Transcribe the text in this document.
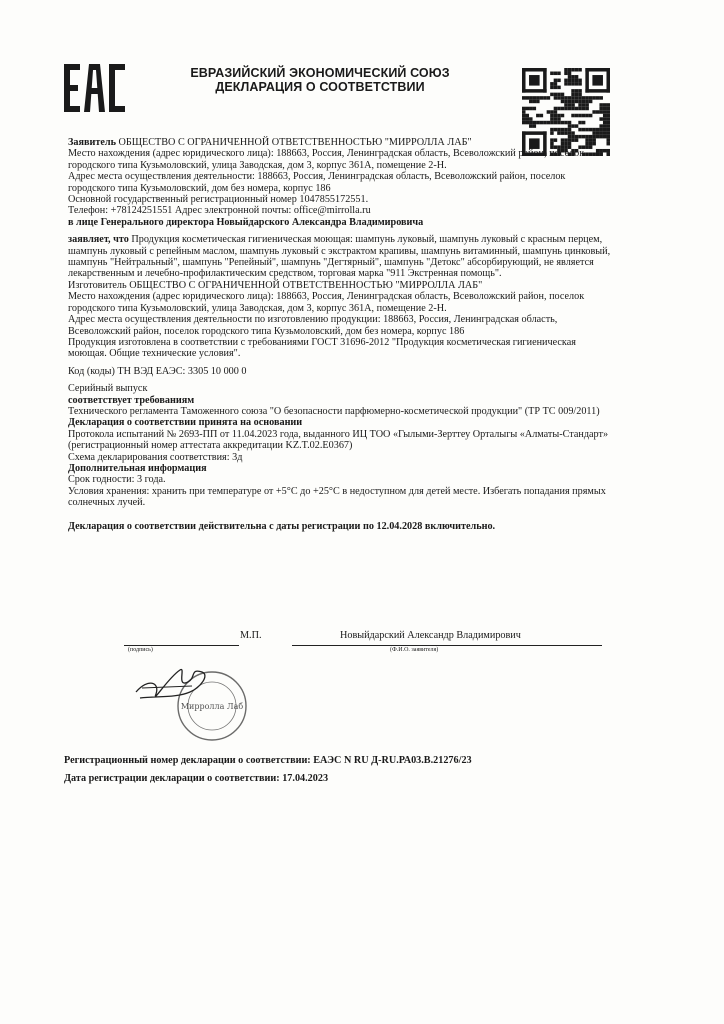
ЕВРАЗИЙСКИЙ ЭКОНОМИЧЕСКИЙ СОЮЗ
ДЕКЛАРАЦИЯ О СООТВЕТСТВИИ

Заявитель ОБЩЕСТВО С ОГРАНИЧЕННОЙ ОТВЕТСТВЕННОСТЬЮ "МИРРОЛЛА ЛАБ"

Место нахождения (адрес юридического лица): 188663, Россия, Ленинградская область, Всеволожский район, поселок городского типа Кузьмоловский, улица Заводская, дом 3, корпус 361А, помещение 2-Н.

Адрес места осуществления деятельности: 188663, Россия, Ленинградская область, Всеволожский район, поселок городского типа Кузьмоловский, дом без номера, корпус 186

Основной государственный регистрационный номер 1047855172551.

Телефон: +78124251551 Адрес электронной почты: office@mirrolla.ru

в лице Генерального директора Новыйдарского Александра Владимировича

заявляет, что Продукция косметическая гигиеническая моющая: шампунь луковый, шампунь луковый с красным перцем, шампунь луковый с репейным маслом, шампунь луковый с экстрактом крапивы, шампунь витаминный, шампунь цинковый, шампунь "Нейтральный", шампунь "Репейный", шампунь "Дегтярный", шампунь "Детокс" абсорбирующий, не является лекарственным и лечебно-профилактическим средством, торговая марка "911 Экстренная помощь".

Изготовитель ОБЩЕСТВО С ОГРАНИЧЕННОЙ ОТВЕТСТВЕННОСТЬЮ "МИРРОЛЛА ЛАБ"

Место нахождения (адрес юридического лица): 188663, Россия, Ленинградская область, Всеволожский район, поселок городского типа Кузьмоловский, улица Заводская, дом 3, корпус 361А, помещение 2-Н.

Адрес места осуществления деятельности по изготовлению продукции: 188663, Россия, Ленинградская область, Всеволожский район, поселок городского типа Кузьмоловский, дом без номера, корпус 186

Продукция изготовлена в соответствии с требованиями ГОСТ 31696-2012 "Продукция косметическая гигиеническая моющая. Общие технические условия".

Код (коды) ТН ВЭД ЕАЭС: 3305 10 000 0

Серийный выпуск

соответствует требованиям

Технического регламента Таможенного союза "О безопасности парфюмерно-косметической продукции" (ТР ТС 009/2011)

Декларация о соответствии принята на основании

Протокола испытаний № 2693-ПП от 11.04.2023 года, выданного ИЦ ТОО «Гылыми-Зерттеу Орталыгы «Алматы-Стандарт» (регистрационный номер аттестата аккредитации KZ.T.02.E0367)

Схема декларирования соответствия: 3д

Дополнительная информация

Срок годности: 3 года.

Условия хранения: хранить при температуре от +5°С до +25°С в недоступном для детей месте. Избегать попадания прямых солнечных лучей.

Декларация о соответствии действительна с даты регистрации по 12.04.2028 включительно.

М.П.	Новыйдарский Александр Владимирович
(подпись)	(Ф.И.О. заявителя)
Мирролла Лаб

Регистрационный номер декларации о соответствии: ЕАЭС N RU Д-RU.РА03.В.21276/23

Дата регистрации декларации о соответствии: 17.04.2023
